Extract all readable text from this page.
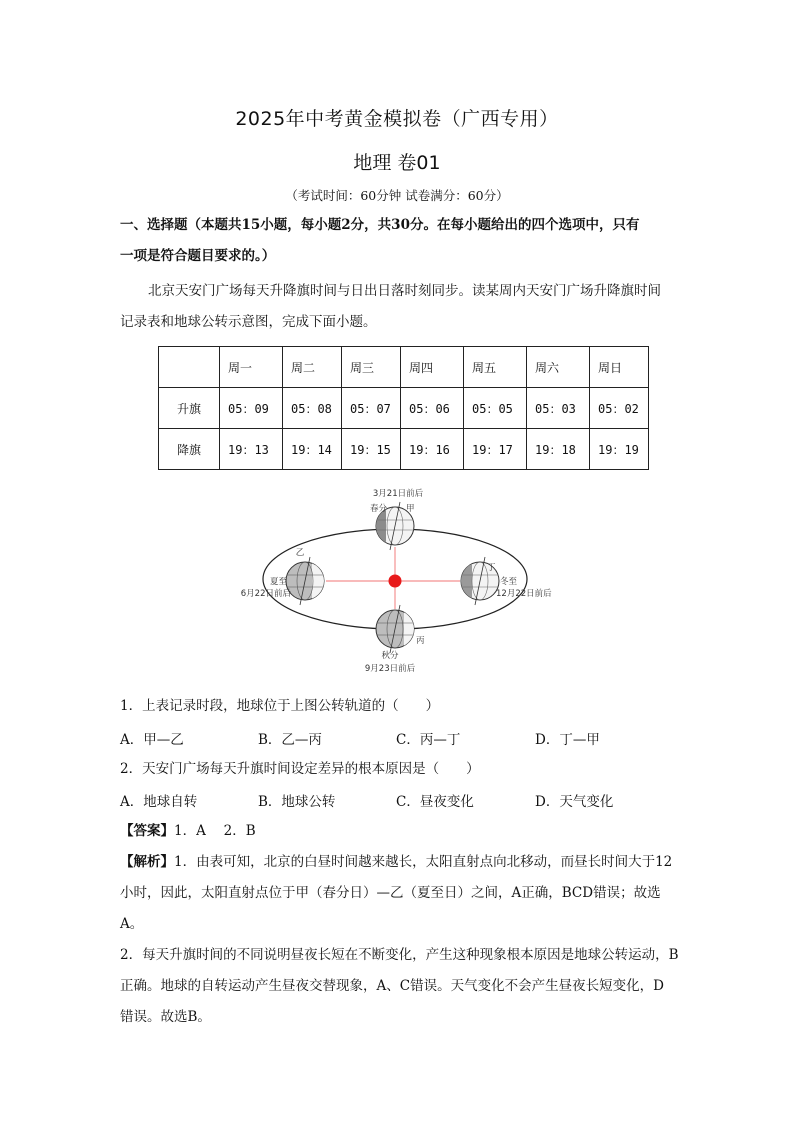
2025年中考黄金模拟卷（广西专用）
地理 卷01
（考试时间：60分钟 试卷满分：60分）
一、选择题（本题共15小题，每小题2分，共30分。在每小题给出的四个选项中，只有
一项是符合题目要求的。）
北京天安门广场每天升降旗时间与日出日落时刻同步。读某周内天安门广场升降旗时间
记录表和地球公转示意图，完成下面小题。
	周一	周二	周三	周四	周五	周六	周日
升旗	05：09	05：08	05：07	05：06	05：05	05：03	05：02
降旗	19：13	19：14	19：15	19：16	19：17	19：18	19：19
3月21日前后
春分 甲
乙
夏至
6月22日前后
丁
冬至
12月22日前后
丙
秋分
9月23日前后
1．上表记录时段，地球位于上图公转轨道的（　　）
A．甲—乙	B．乙—丙	C．丙—丁	D．丁—甲
2．天安门广场每天升旗时间设定差异的根本原因是（　　）
A．地球自转	B．地球公转	C．昼夜变化	D．天气变化
【答案】1．A　 2．B
【解析】1．由表可知，北京的白昼时间越来越长，太阳直射点向北移动，而昼长时间大于12
小时，因此，太阳直射点位于甲（春分日）—乙（夏至日）之间，A正确，BCD错误；故选
A。
2．每天升旗时间的不同说明昼夜长短在不断变化，产生这种现象根本原因是地球公转运动，B
正确。地球的自转运动产生昼夜交替现象，A、C错误。天气变化不会产生昼夜长短变化，D
错误。故选B。
